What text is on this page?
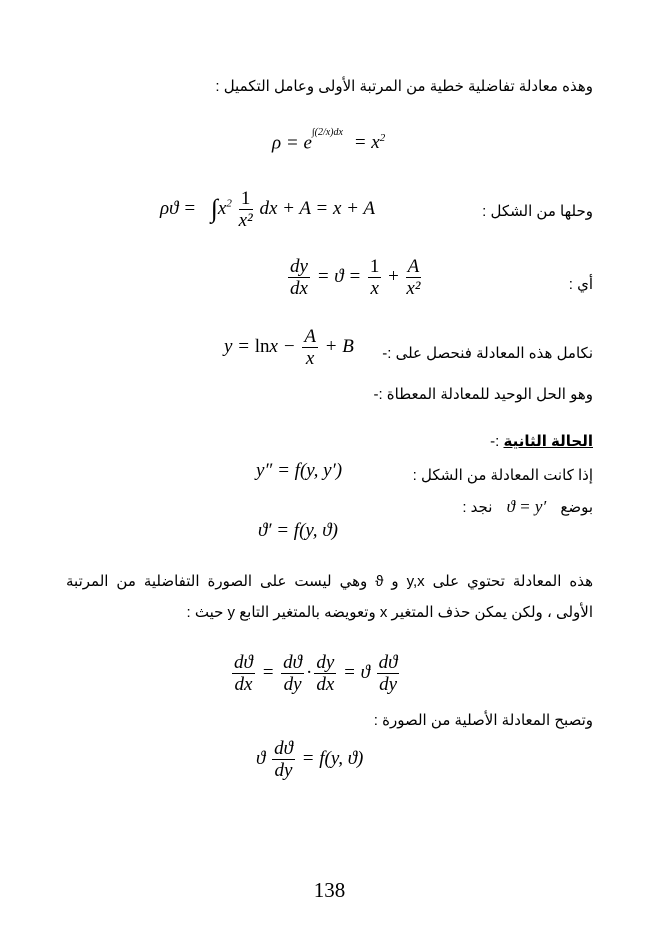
وهذه معادلة تفاضلية خطية من المرتبة الأولى وعامل التكميل :
$\rho = e^{\int(2/x)dx} = x^2$
وحلها من الشكل :
$\rho ϑ = \int x^2 \frac{1}{\text{x²}}$ dx + A = x + A
أي :
$\frac{dy}{dx} = ϑ = \frac{1}{x} + \frac{A}{\text{x²}}$
نكامل هذه المعادلة فنحصل على :-
$y = \ln x - \frac{A}{x} + B$
وهو الحل الوحيد للمعادلة المعطاة :-
الحالة الثانية :-
إذا كانت المعادلة من الشكل :
y″ = f(y, y′)
بوضع ϑ = y′ نجد :
ϑ′ = f(y, ϑ)
هذه المعادلة تحتوي على y,x و ϑ وهي ليست على الصورة التفاضلية من المرتبة
الأولى ، ولكن يمكن حذف المتغير x وتعويضه بالمتغير التابع y حيث :
$\frac{dϑ}{dx} = \frac{dϑ}{dy} \cdot \frac{dy}{dx} = ϑ \frac{dϑ}{dy}$
وتصبح المعادلة الأصلية من الصورة :
ϑ $\frac{dϑ}{dy} = f(y$, ϑ)
138
